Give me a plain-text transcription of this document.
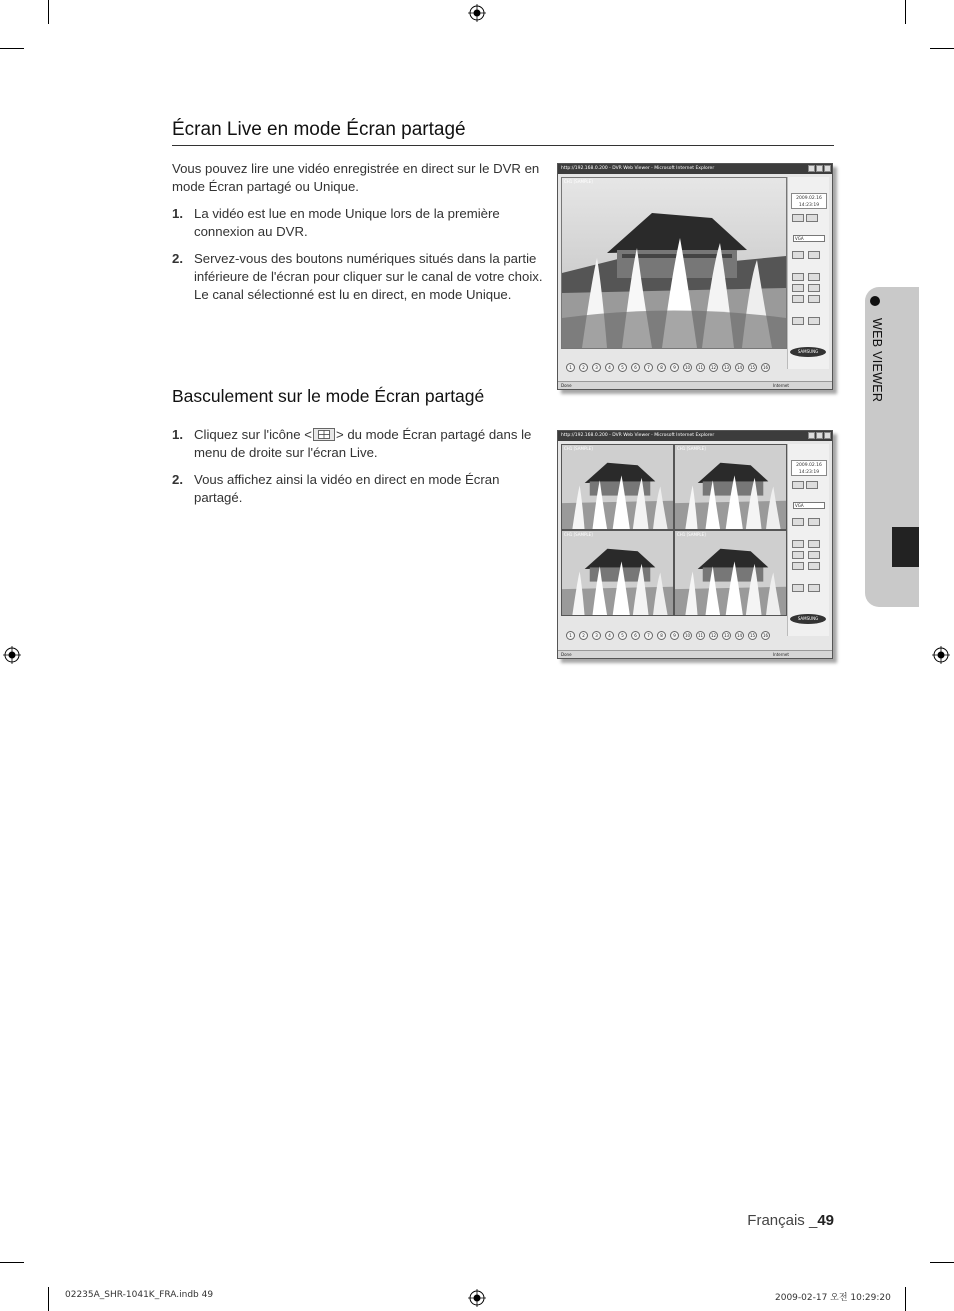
Écran Live en mode Écran partagé
Vous pouvez lire une vidéo enregistrée en direct sur le DVR en
mode Écran partagé ou Unique.
1. La vidéo est lue en mode Unique lors de la première
connexion au DVR.
2. Servez-vous des boutons numériques situés dans la partie
inférieure de l'écran pour cliquer sur le canal de votre choix.
Le canal sélectionné est lu en direct, en mode Unique.
Basculement sur le mode Écran partagé
1. Cliquez sur l'icône < > du mode Écran partagé dans le
menu de droite sur l'écran Live.
2. Vous affichez ainsi la vidéo en direct en mode Écran
partagé.
http://192.168.0.200 - DVR Web Viewer - Microsoft Internet Explorer
CH1 [SAMPLE]
2009.02.16
14:23:19
VGA
SAMSUNG
1	2	3	4	5	6	7	8	9	10	11	12	13	14	15	16
Done	Internet
http://192.168.0.200 - DVR Web Viewer - Microsoft Internet Explorer
CH1 [SAMPLE]	CH1 [SAMPLE]
CH1 [SAMPLE]	CH1 [SAMPLE]
2009.02.16
14:23:19
VGA
SAMSUNG
1	2	3	4	5	6	7	8	9	10	11	12	13	14	15	16
Done	Internet
WEB VIEWER
Français _49
02235A_SHR-1041K_FRA.indb 49	2009-02-17 오전 10:29:20
